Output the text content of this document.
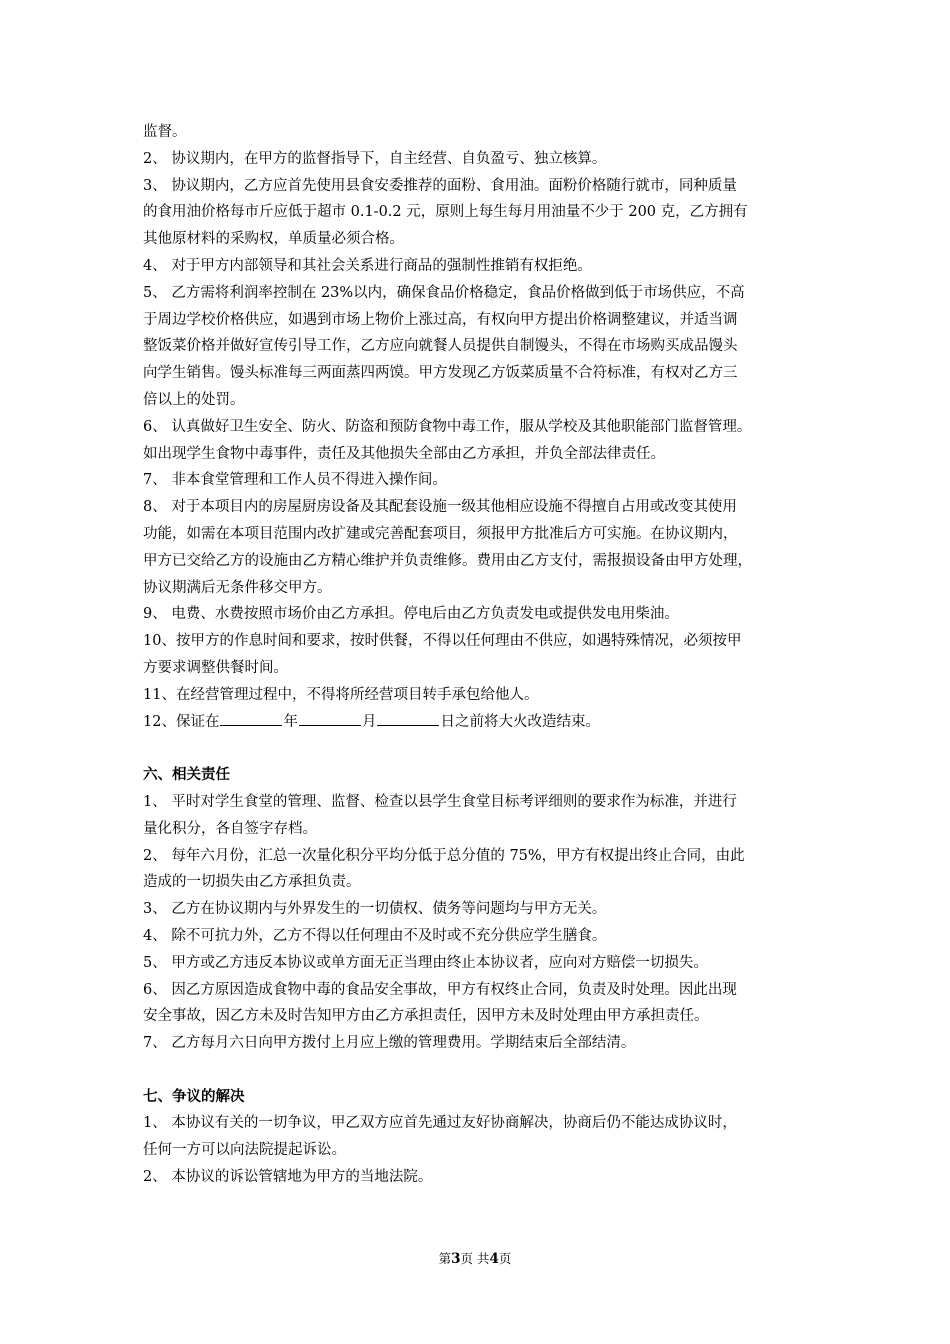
监督。
2、 协议期内，在甲方的监督指导下，自主经营、自负盈亏、独立核算。
3、 协议期内，乙方应首先使用县食安委推荐的面粉、食用油。面粉价格随行就市，同种质量
的食用油价格每市斤应低于超市 0.1-0.2 元，原则上每生每月用油量不少于 200 克，乙方拥有
其他原材料的采购权，单质量必须合格。
4、 对于甲方内部领导和其社会关系进行商品的强制性推销有权拒绝。
5、 乙方需将利润率控制在 23%以内，确保食品价格稳定，食品价格做到低于市场供应，不高
于周边学校价格供应，如遇到市场上物价上涨过高，有权向甲方提出价格调整建议，并适当调
整饭菜价格并做好宣传引导工作，乙方应向就餐人员提供自制馒头，不得在市场购买成品馒头
向学生销售。馒头标准每三两面蒸四两馍。甲方发现乙方饭菜质量不合符标准，有权对乙方三
倍以上的处罚。
6、 认真做好卫生安全、防火、防盗和预防食物中毒工作，服从学校及其他职能部门监督管理。
如出现学生食物中毒事件，责任及其他损失全部由乙方承担，并负全部法律责任。
7、 非本食堂管理和工作人员不得进入操作间。
8、 对于本项目内的房屋厨房设备及其配套设施一级其他相应设施不得擅自占用或改变其使用
功能，如需在本项目范围内改扩建或完善配套项目，须报甲方批准后方可实施。在协议期内，
甲方已交给乙方的设施由乙方精心维护并负责维修。费用由乙方支付，需报损设备由甲方处理，
协议期满后无条件移交甲方。
9、 电费、水费按照市场价由乙方承担。停电后由乙方负责发电或提供发电用柴油。
10、按甲方的作息时间和要求，按时供餐，不得以任何理由不供应，如遇特殊情况，必须按甲
方要求调整供餐时间。
11、在经营管理过程中，不得将所经营项目转手承包给他人。
12、保证在	年	月	日之前将大火改造结束。
六、相关责任
1、 平时对学生食堂的管理、监督、检查以县学生食堂目标考评细则的要求作为标准，并进行
量化积分，各自签字存档。
2、 每年六月份，汇总一次量化积分平均分低于总分值的 75%，甲方有权提出终止合同，由此
造成的一切损失由乙方承担负责。
3、 乙方在协议期内与外界发生的一切债权、债务等问题均与甲方无关。
4、 除不可抗力外，乙方不得以任何理由不及时或不充分供应学生膳食。
5、 甲方或乙方违反本协议或单方面无正当理由终止本协议者，应向对方赔偿一切损失。
6、 因乙方原因造成食物中毒的食品安全事故，甲方有权终止合同，负责及时处理。因此出现
安全事故，因乙方未及时告知甲方由乙方承担责任，因甲方未及时处理由甲方承担责任。
7、 乙方每月六日向甲方拨付上月应上缴的管理费用。学期结束后全部结清。
七、争议的解决
1、 本协议有关的一切争议，甲乙双方应首先通过友好协商解决，协商后仍不能达成协议时，
任何一方可以向法院提起诉讼。
2、 本协议的诉讼管辖地为甲方的当地法院。
第3页 共4页
